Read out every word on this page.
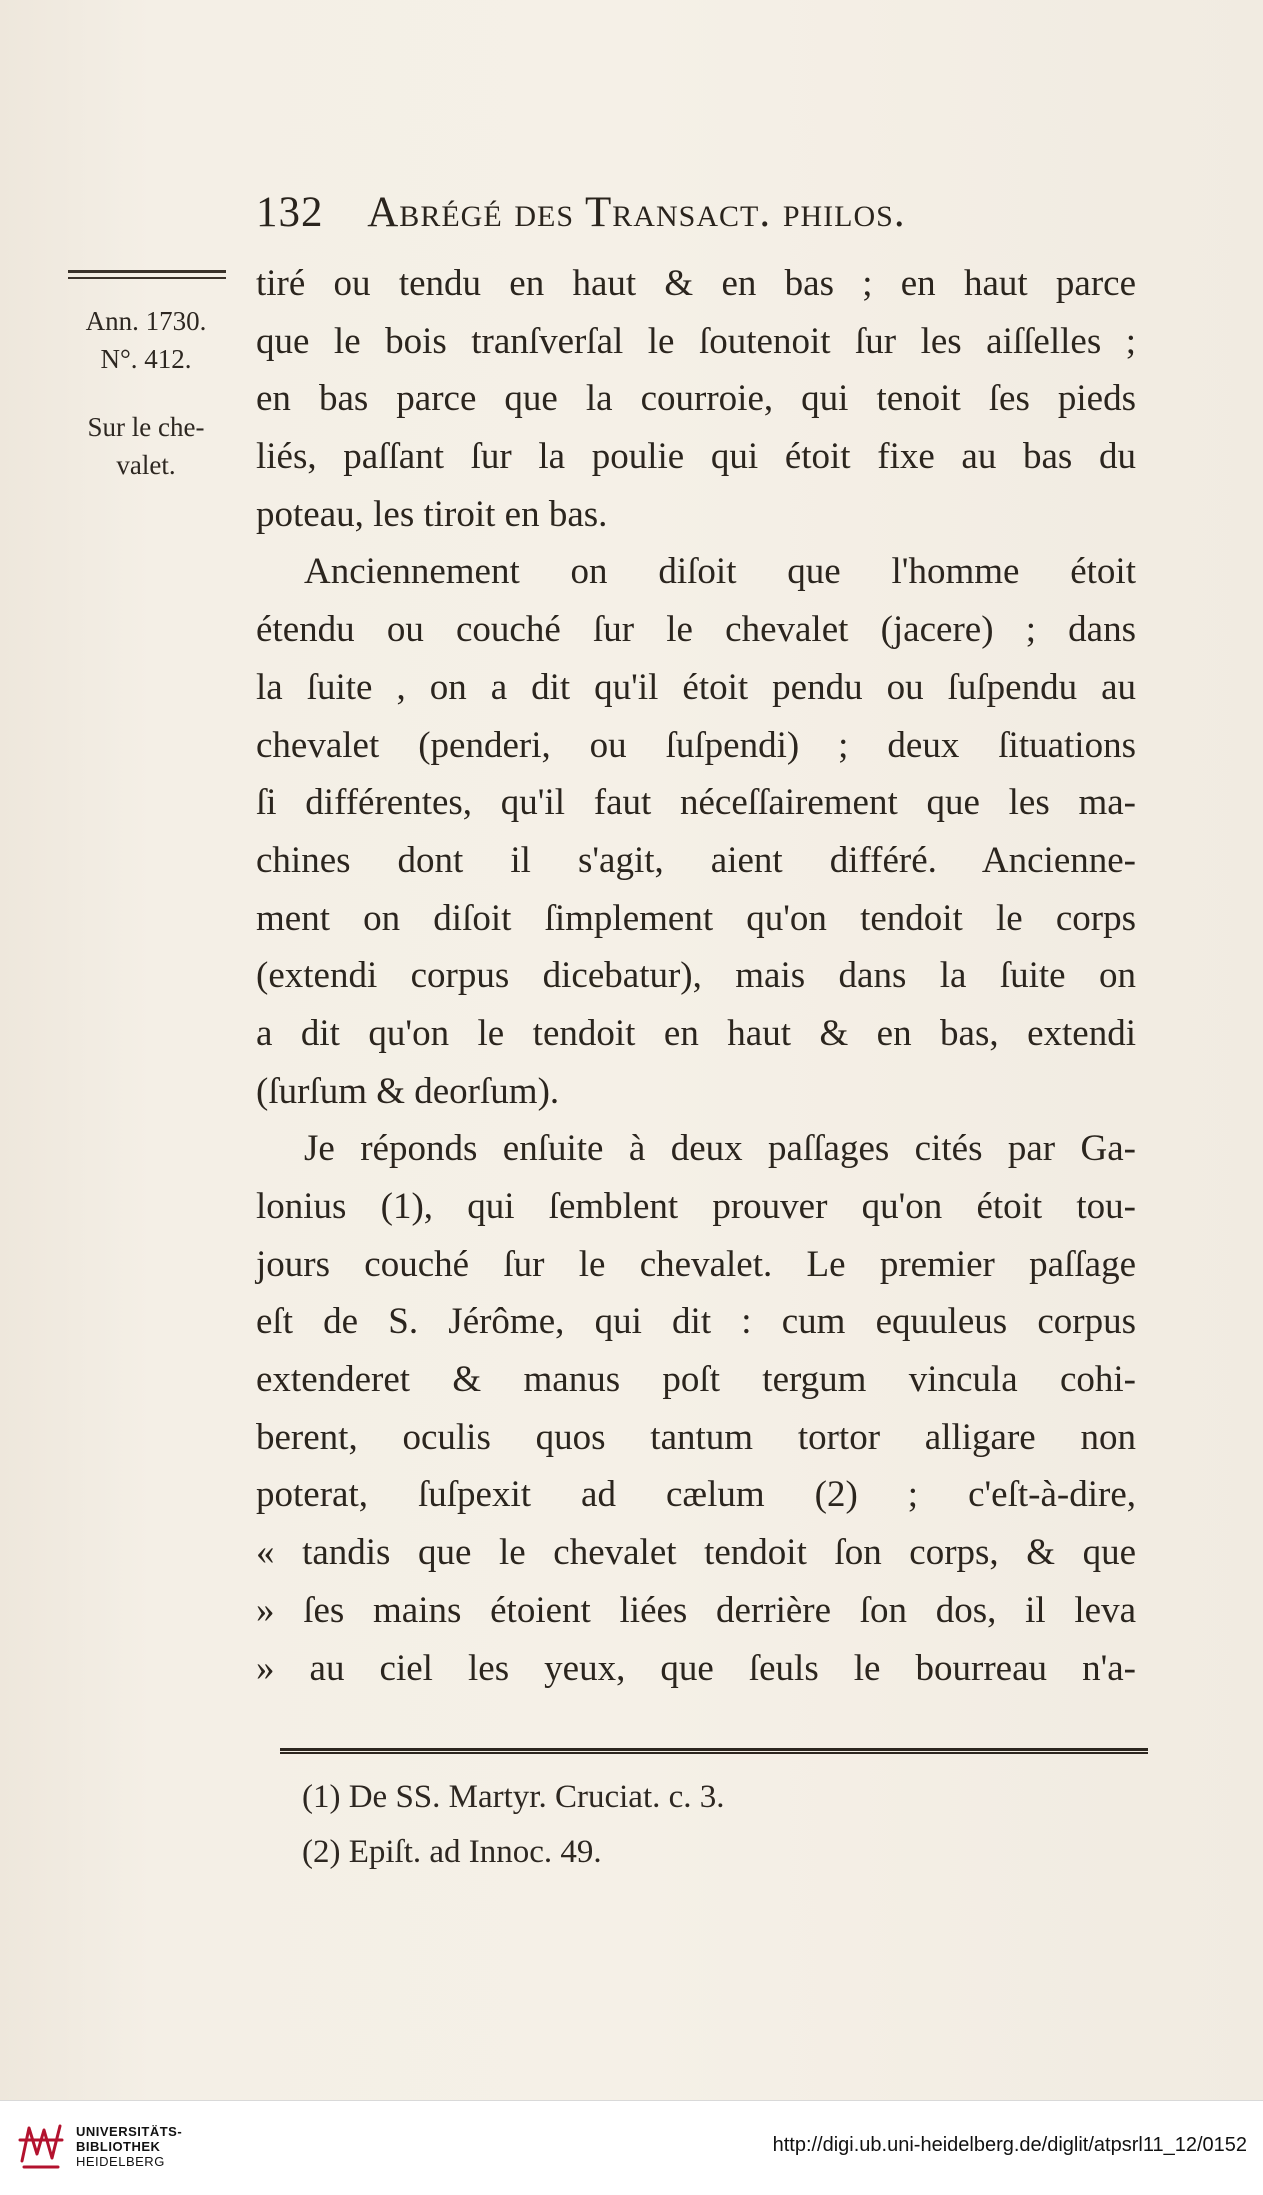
132 Abrégé des Transact. philos.
Ann. 1730.
N°. 412.
Sur le che-
valet.
tiré ou tendu en haut & en bas ; en haut parce
que le bois tranſverſal le ſoutenoit ſur les aiſſelles ;
en bas parce que la courroie, qui tenoit ſes pieds
liés, paſſant ſur la poulie qui étoit fixe au bas du
poteau, les tiroit en bas.
Anciennement on diſoit que l'homme étoit
étendu ou couché ſur le chevalet (jacere) ; dans
la ſuite , on a dit qu'il étoit pendu ou ſuſpendu au
chevalet (penderi, ou ſuſpendi) ; deux ſituations
ſi différentes, qu'il faut néceſſairement que les ma-
chines dont il s'agit, aient différé. Ancienne-
ment on diſoit ſimplement qu'on tendoit le corps
(extendi corpus dicebatur), mais dans la ſuite on
a dit qu'on le tendoit en haut & en bas, extendi
(ſurſum & deorſum).
Je réponds enſuite à deux paſſages cités par Ga-
lonius (1), qui ſemblent prouver qu'on étoit tou-
jours couché ſur le chevalet. Le premier paſſage
eſt de S. Jérôme, qui dit : cum equuleus corpus
extenderet & manus poſt tergum vincula cohi-
berent, oculis quos tantum tortor alligare non
poterat, ſuſpexit ad cælum (2) ; c'eſt-à-dire,
« tandis que le chevalet tendoit ſon corps, & que
» ſes mains étoient liées derrière ſon dos, il leva
» au ciel les yeux, que ſeuls le bourreau n'a-
(1) De SS. Martyr. Cruciat. c. 3.
(2) Epiſt. ad Innoc. 49.
UNIVERSITÄTS-
BIBLIOTHEK
HEIDELBERG
http://digi.ub.uni-heidelberg.de/diglit/atpsrl11_12/0152
